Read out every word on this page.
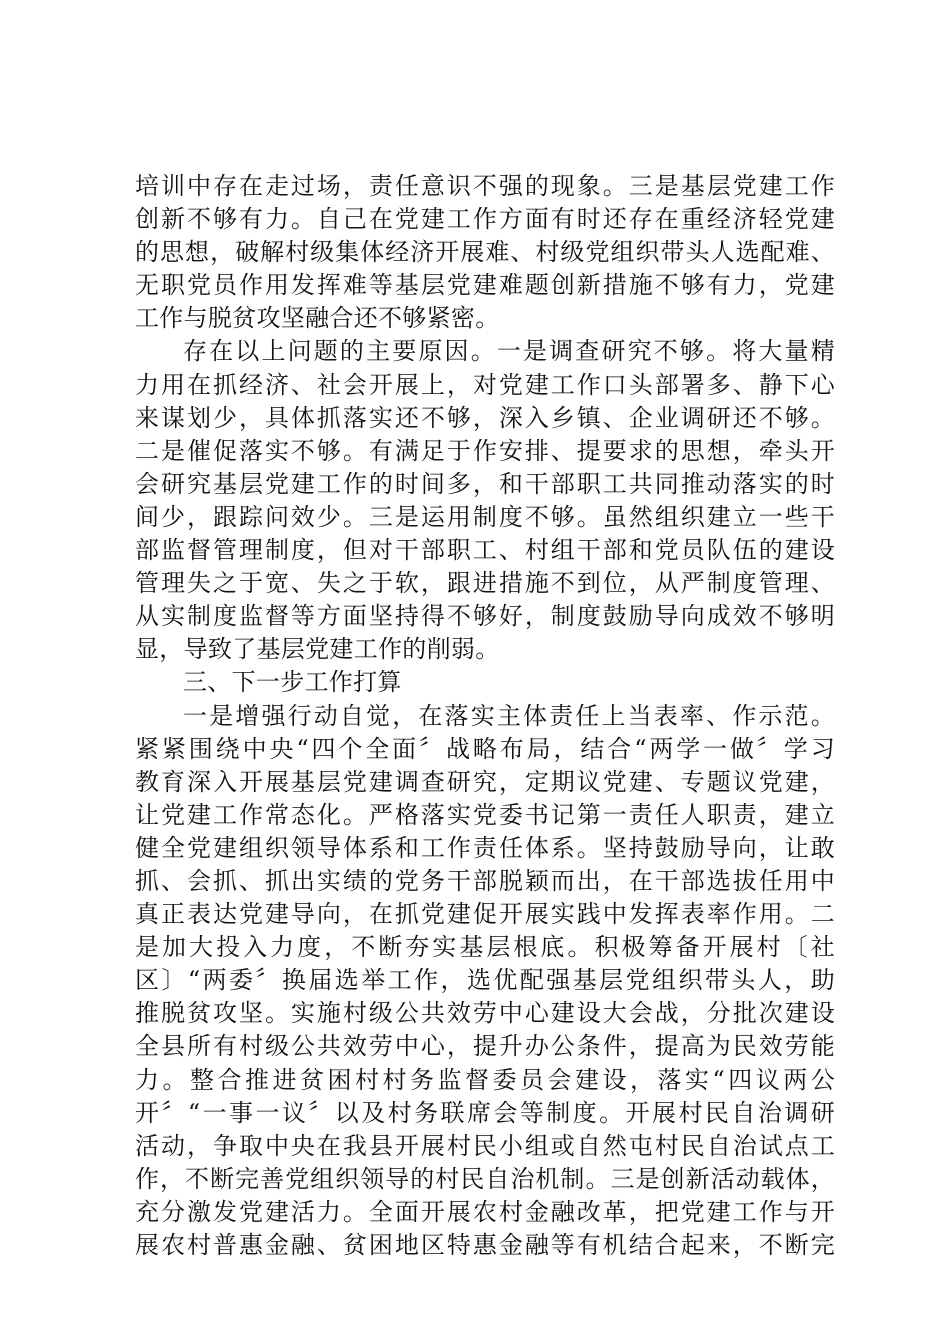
培训中存在走过场，责任意识不强的现象。三是基层党建工作
创新不够有力。自己在党建工作方面有时还存在重经济轻党建
的思想，破解村级集体经济开展难、村级党组织带头人选配难、
无职党员作用发挥难等基层党建难题创新措施不够有力，党建
工作与脱贫攻坚融合还不够紧密。
存在以上问题的主要原因。一是调查研究不够。将大量精
力用在抓经济、社会开展上，对党建工作口头部署多、静下心
来谋划少，具体抓落实还不够，深入乡镇、企业调研还不够。
二是催促落实不够。有满足于作安排、提要求的思想，牵头开
会研究基层党建工作的时间多，和干部职工共同推动落实的时
间少，跟踪问效少。三是运用制度不够。虽然组织建立一些干
部监督管理制度，但对干部职工、村组干部和党员队伍的建设
管理失之于宽、失之于软，跟进措施不到位，从严制度管理、
从实制度监督等方面坚持得不够好，制度鼓励导向成效不够明
显，导致了基层党建工作的削弱。
三、下一步工作打算
一是增强行动自觉，在落实主体责任上当表率、作示范。
紧紧围绕中央“四个全面〞战略布局，结合“两学一做〞学习
教育深入开展基层党建调查研究，定期议党建、专题议党建，
让党建工作常态化。严格落实党委书记第一责任人职责，建立
健全党建组织领导体系和工作责任体系。坚持鼓励导向，让敢
抓、会抓、抓出实绩的党务干部脱颖而出，在干部选拔任用中
真正表达党建导向，在抓党建促开展实践中发挥表率作用。二
是加大投入力度，不断夯实基层根底。积极筹备开展村〔社
区〕“两委〞换届选举工作，选优配强基层党组织带头人，助
推脱贫攻坚。实施村级公共效劳中心建设大会战，分批次建设
全县所有村级公共效劳中心，提升办公条件，提高为民效劳能
力。整合推进贫困村村务监督委员会建设，落实“四议两公
开〞“一事一议〞以及村务联席会等制度。开展村民自治调研
活动，争取中央在我县开展村民小组或自然屯村民自治试点工
作，不断完善党组织领导的村民自治机制。三是创新活动载体，
充分激发党建活力。全面开展农村金融改革，把党建工作与开
展农村普惠金融、贫困地区特惠金融等有机结合起来，不断完
